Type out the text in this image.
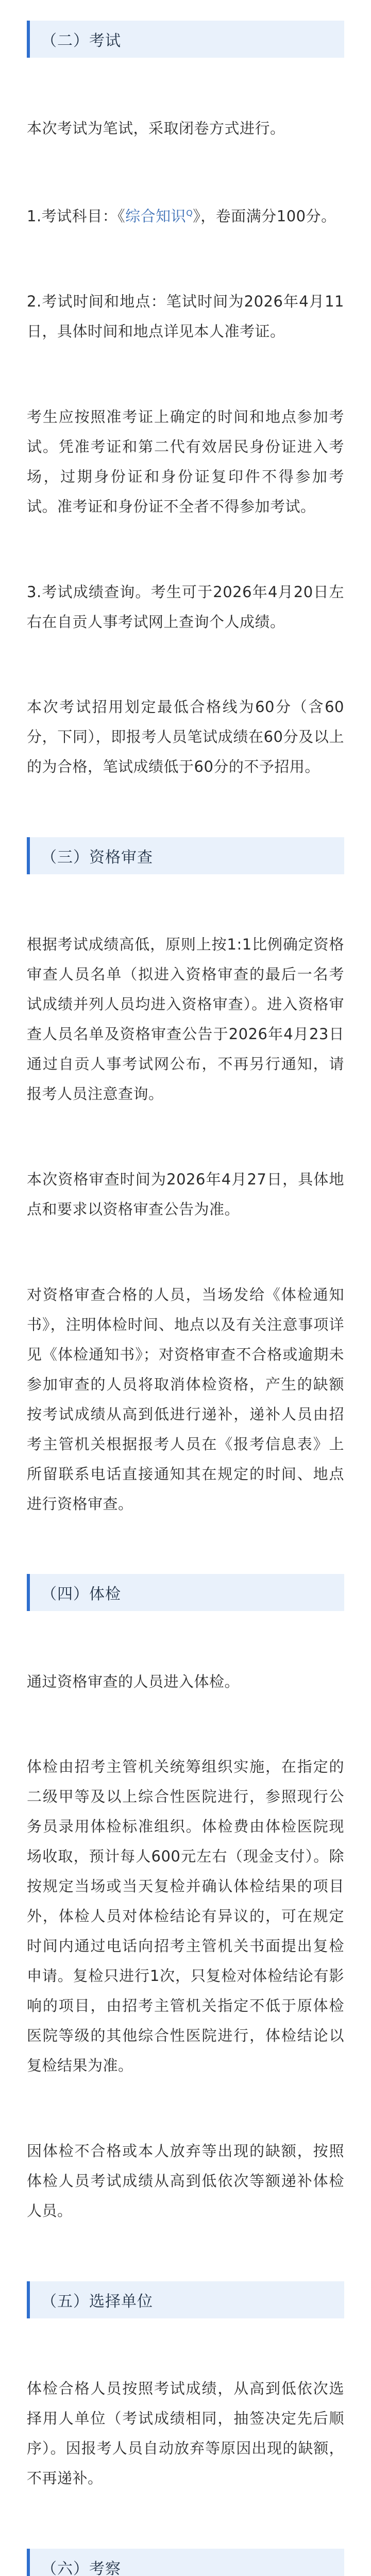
（二）考试

本次考试为笔试，采取闭卷方式进行。

1.考试科目：《综合知识$^Q$》，卷面满分100分。

2.考试时间和地点：笔试时间为2026年4月11日，具体时间和地点详见本人准考证。

考生应按照准考证上确定的时间和地点参加考试。凭准考证和第二代有效居民身份证进入考场，过期身份证和身份证复印件不得参加考试。准考证和身份证不全者不得参加考试。

3.考试成绩查询。考生可于2026年4月20日左右在自贡人事考试网上查询个人成绩。

本次考试招用划定最低合格线为60分（含60分，下同），即报考人员笔试成绩在60分及以上的为合格，笔试成绩低于60分的不予招用。

（三）资格审查

根据考试成绩高低，原则上按1:1比例确定资格审查人员名单（拟进入资格审查的最后一名考试成绩并列人员均进入资格审查）。进入资格审查人员名单及资格审查公告于2026年4月23日通过自贡人事考试网公布，不再另行通知，请报考人员注意查询。

本次资格审查时间为2026年4月27日，具体地点和要求以资格审查公告为准。

对资格审查合格的人员，当场发给《体检通知书》，注明体检时间、地点以及有关注意事项详见《体检通知书》；对资格审查不合格或逾期未参加审查的人员将取消体检资格，产生的缺额按考试成绩从高到低进行递补，递补人员由招考主管机关根据报考人员在《报考信息表》上所留联系电话直接通知其在规定的时间、地点进行资格审查。

（四）体检

通过资格审查的人员进入体检。

体检由招考主管机关统筹组织实施，在指定的二级甲等及以上综合性医院进行，参照现行公务员录用体检标准组织。体检费由体检医院现场收取，预计每人600元左右（现金支付）。除按规定当场或当天复检并确认体检结果的项目外，体检人员对体检结论有异议的，可在规定时间内通过电话向招考主管机关书面提出复检申请。复检只进行1次，只复检对体检结论有影响的项目，由招考主管机关指定不低于原体检医院等级的其他综合性医院进行，体检结论以复检结果为准。

因体检不合格或本人放弃等出现的缺额，按照体检人员考试成绩从高到低依次等额递补体检人员。

（五）选择单位

体检合格人员按照考试成绩，从高到低依次选择用人单位（考试成绩相同，抽签决定先后顺序）。因报考人员自动放弃等原因出现的缺额，不再递补。

（六）考察
